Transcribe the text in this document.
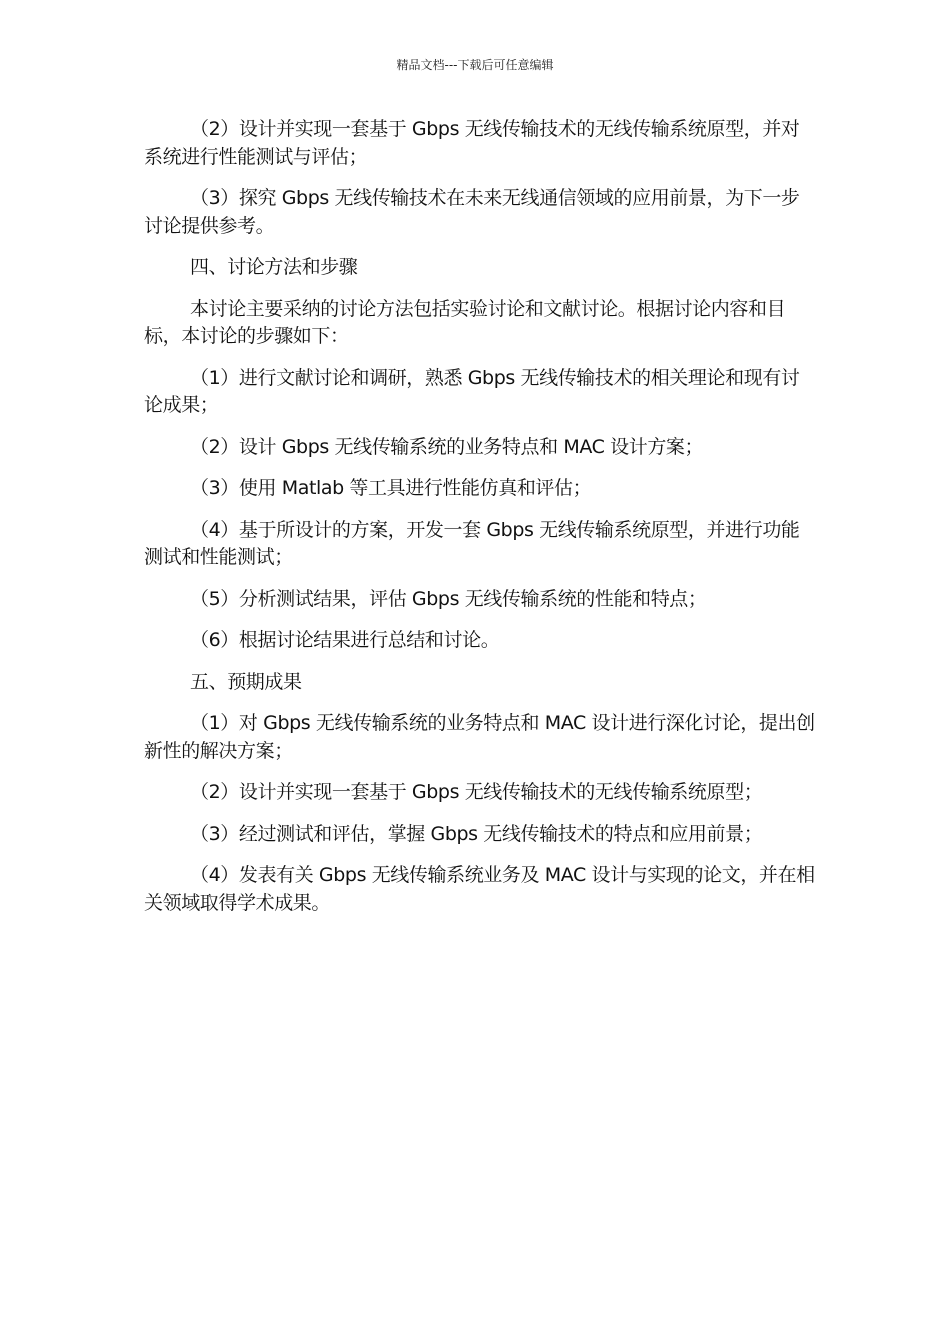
精品文档---下载后可任意编辑

（2）设计并实现一套基于 Gbps 无线传输技术的无线传输系统原型，并对系统进行性能测试与评估；

（3）探究 Gbps 无线传输技术在未来无线通信领域的应用前景，为下一步讨论提供参考。

四、讨论方法和步骤

本讨论主要采纳的讨论方法包括实验讨论和文献讨论。根据讨论内容和目标，本讨论的步骤如下：

（1）进行文献讨论和调研，熟悉 Gbps 无线传输技术的相关理论和现有讨论成果；

（2）设计 Gbps 无线传输系统的业务特点和 MAC 设计方案；

（3）使用 Matlab 等工具进行性能仿真和评估；

（4）基于所设计的方案，开发一套 Gbps 无线传输系统原型，并进行功能测试和性能测试；

（5）分析测试结果，评估 Gbps 无线传输系统的性能和特点；

（6）根据讨论结果进行总结和讨论。

五、预期成果

（1）对 Gbps 无线传输系统的业务特点和 MAC 设计进行深化讨论，提出创新性的解决方案；

（2）设计并实现一套基于 Gbps 无线传输技术的无线传输系统原型；

（3）经过测试和评估，掌握 Gbps 无线传输技术的特点和应用前景；

（4）发表有关 Gbps 无线传输系统业务及 MAC 设计与实现的论文，并在相关领域取得学术成果。
